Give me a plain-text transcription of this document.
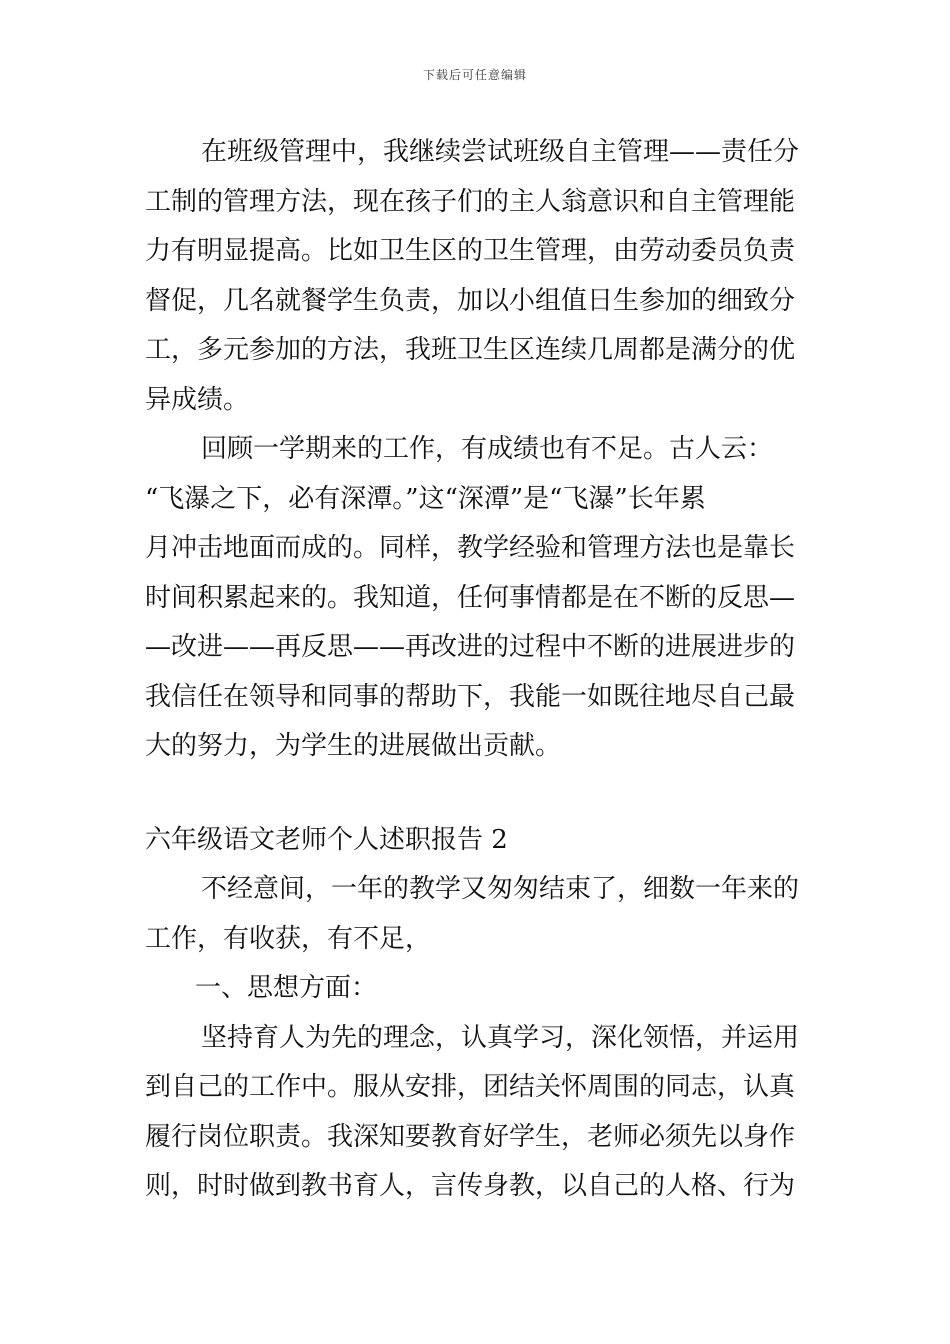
下载后可任意编辑
在班级管理中，我继续尝试班级自主管理——责任分
工制的管理方法，现在孩子们的主人翁意识和自主管理能
力有明显提高。比如卫生区的卫生管理，由劳动委员负责
督促，几名就餐学生负责，加以小组值日生参加的细致分
工，多元参加的方法，我班卫生区连续几周都是满分的优
异成绩。
回顾一学期来的工作，有成绩也有不足。古人云：
“飞瀑之下，必有深潭。”这“深潭”是“飞瀑”长年累
月冲击地面而成的。同样，教学经验和管理方法也是靠长
时间积累起来的。我知道，任何事情都是在不断的反思—
—改进——再反思——再改进的过程中不断的进展进步的
我信任在领导和同事的帮助下，我能一如既往地尽自己最
大的努力，为学生的进展做出贡献。
六年级语文老师个人述职报告 2
不经意间，一年的教学又匆匆结束了，细数一年来的
工作，有收获，有不足，
一、思想方面：
坚持育人为先的理念，认真学习，深化领悟，并运用
到自己的工作中。服从安排，团结关怀周围的同志，认真
履行岗位职责。我深知要教育好学生，老师必须先以身作
则，时时做到教书育人，言传身教，以自己的人格、行为
